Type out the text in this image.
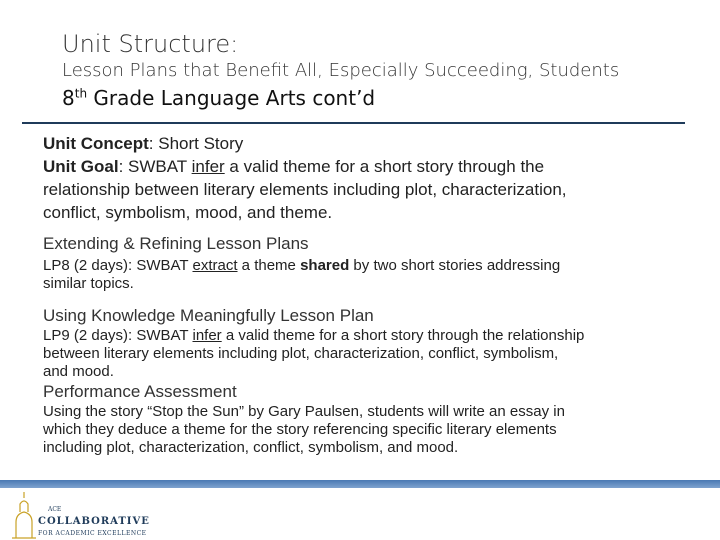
Unit Structure:
Lesson Plans that Benefit All, Especially Succeeding, Students
8th Grade Language Arts cont’d
Unit Concept: Short Story
Unit Goal: SWBAT infer a valid theme for a short story through the
relationship between literary elements including plot, characterization,
conflict, symbolism, mood, and theme.
Extending & Refining Lesson Plans
LP8 (2 days): SWBAT extract a theme shared by two short stories addressing
similar topics.
Using Knowledge Meaningfully Lesson Plan
LP9 (2 days): SWBAT infer a valid theme for a short story through the relationship
between literary elements including plot, characterization, conflict, symbolism,
and mood.
Performance Assessment
Using the story “Stop the Sun” by Gary Paulsen, students will write an essay in
which they deduce a theme for the story referencing specific literary elements
including plot, characterization, conflict, symbolism, and mood.
ACE
COLLABORATIVE
FOR ACADEMIC EXCELLENCE
